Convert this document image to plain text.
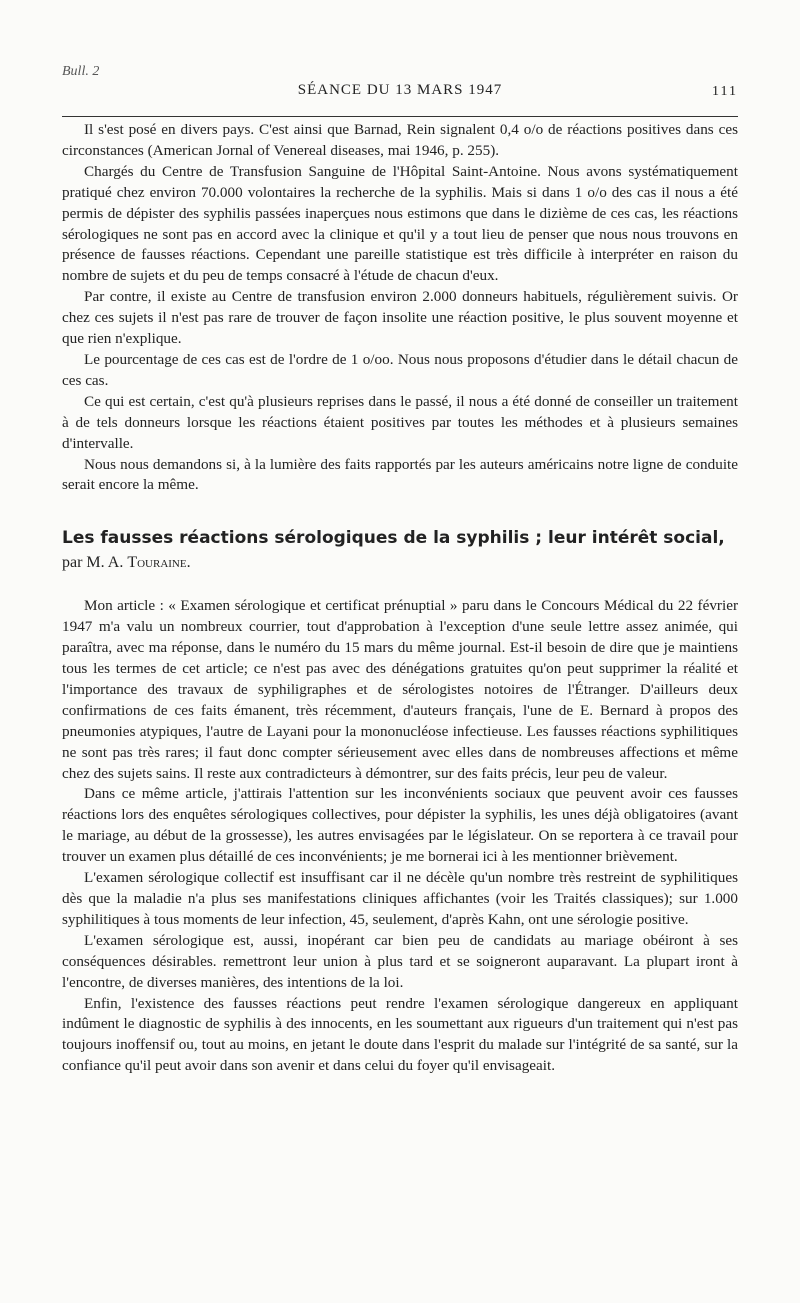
Bull. 2
SÉANCE DU 13 MARS 1947	111

Il s'est posé en divers pays. C'est ainsi que Barnad, Rein signalent 0,4 o/o de réactions positives dans ces circonstances (American Jornal of Venereal diseases, mai 1946, p. 255).

Chargés du Centre de Transfusion Sanguine de l'Hôpital Saint-Antoine. Nous avons systématiquement pratiqué chez environ 70.000 volontaires la recherche de la syphilis. Mais si dans 1 o/o des cas il nous a été permis de dépister des syphilis passées inaperçues nous estimons que dans le dizième de ces cas, les réactions sérologiques ne sont pas en accord avec la clinique et qu'il y a tout lieu de penser que nous nous trouvons en présence de fausses réactions. Cependant une pareille statistique est très difficile à interpréter en raison du nombre de sujets et du peu de temps consacré à l'étude de chacun d'eux.

Par contre, il existe au Centre de transfusion environ 2.000 donneurs habituels, régulièrement suivis. Or chez ces sujets il n'est pas rare de trouver de façon insolite une réaction positive, le plus souvent moyenne et que rien n'explique.

Le pourcentage de ces cas est de l'ordre de 1 o/oo. Nous nous proposons d'étudier dans le détail chacun de ces cas.

Ce qui est certain, c'est qu'à plusieurs reprises dans le passé, il nous a été donné de conseiller un traitement à de tels donneurs lorsque les réactions étaient positives par toutes les méthodes et à plusieurs semaines d'intervalle.

Nous nous demandons si, à la lumière des faits rapportés par les auteurs américains notre ligne de conduite serait encore la même.

Les fausses réactions sérologiques de la syphilis ; leur intérêt social, par M. A. Touraine.

Mon article : « Examen sérologique et certificat prénuptial » paru dans le Concours Médical du 22 février 1947 m'a valu un nombreux courrier, tout d'approbation à l'exception d'une seule lettre assez animée, qui paraîtra, avec ma réponse, dans le numéro du 15 mars du même journal. Est-il besoin de dire que je maintiens tous les termes de cet article; ce n'est pas avec des dénégations gratuites qu'on peut supprimer la réalité et l'importance des travaux de syphiligraphes et de sérologistes notoires de l'Étranger. D'ailleurs deux confirmations de ces faits émanent, très récemment, d'auteurs français, l'une de E. Bernard à propos des pneumonies atypiques, l'autre de Layani pour la mononucléose infectieuse. Les fausses réactions syphilitiques ne sont pas très rares; il faut donc compter sérieusement avec elles dans de nombreuses affections et même chez des sujets sains. Il reste aux contradicteurs à démontrer, sur des faits précis, leur peu de valeur.

Dans ce même article, j'attirais l'attention sur les inconvénients sociaux que peuvent avoir ces fausses réactions lors des enquêtes sérologiques collectives, pour dépister la syphilis, les unes déjà obligatoires (avant le mariage, au début de la grossesse), les autres envisagées par le législateur. On se reportera à ce travail pour trouver un examen plus détaillé de ces inconvénients; je me bornerai ici à les mentionner brièvement.

L'examen sérologique collectif est insuffisant car il ne décèle qu'un nombre très restreint de syphilitiques dès que la maladie n'a plus ses manifestations cliniques affichantes (voir les Traités classiques); sur 1.000 syphilitiques à tous moments de leur infection, 45, seulement, d'après Kahn, ont une sérologie positive.

L'examen sérologique est, aussi, inopérant car bien peu de candidats au mariage obéiront à ses conséquences désirables. remettront leur union à plus tard et se soigneront auparavant. La plupart iront à l'encontre, de diverses manières, des intentions de la loi.

Enfin, l'existence des fausses réactions peut rendre l'examen sérologique dangereux en appliquant indûment le diagnostic de syphilis à des innocents, en les soumettant aux rigueurs d'un traitement qui n'est pas toujours inoffensif ou, tout au moins, en jetant le doute dans l'esprit du malade sur l'intégrité de sa santé, sur la confiance qu'il peut avoir dans son avenir et dans celui du foyer qu'il envisageait.
